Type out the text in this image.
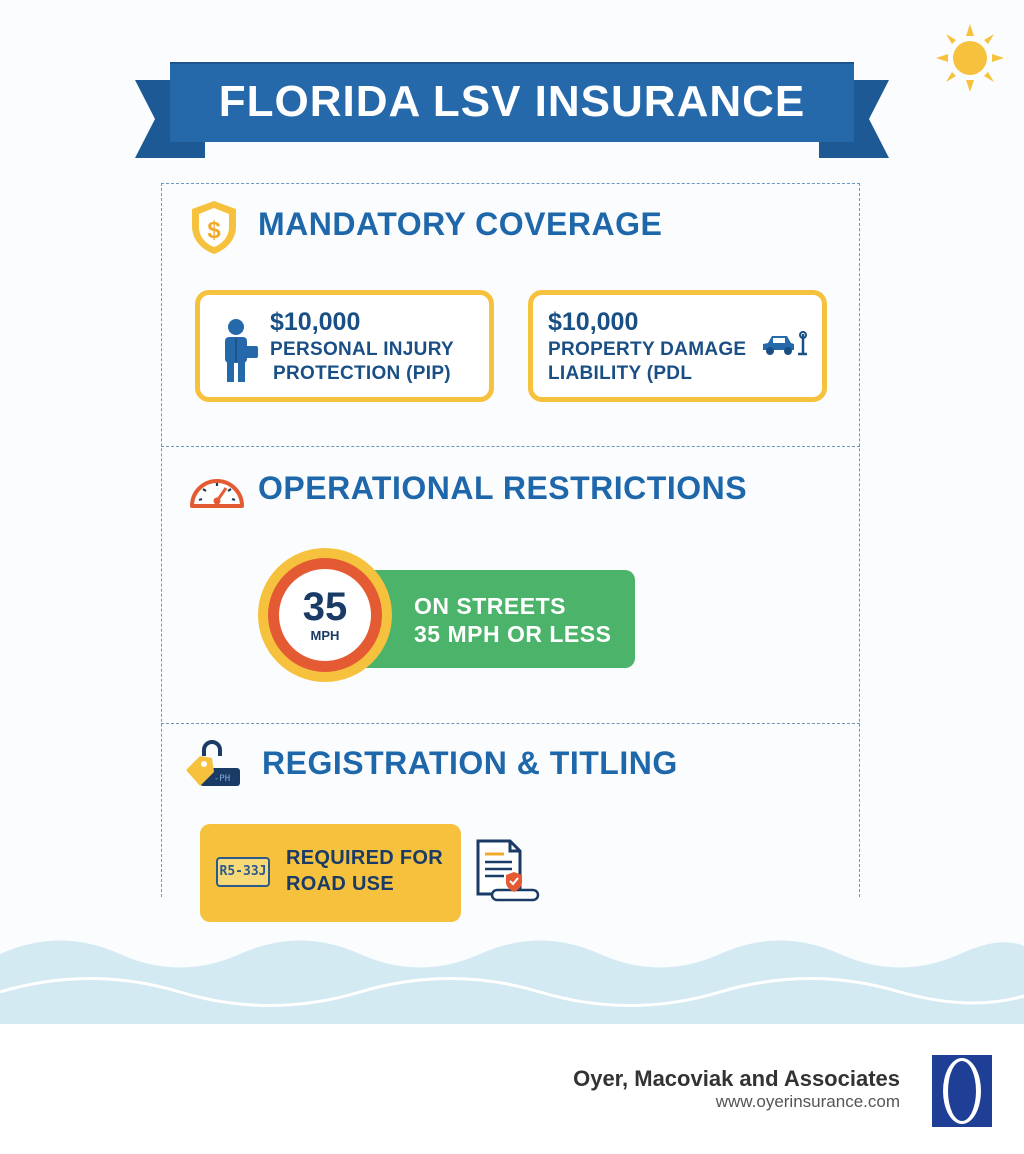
FLORIDA LSV INSURANCE
$ MANDATORY COVERAGE
$10,000
PERSONAL INJURY
PROTECTION (PIP)
$10,000
PROPERTY DAMAGE
LIABILITY (PDL
OPERATIONAL RESTRICTIONS
ON STREETS
35 MPH OR LESS
35
MPH
-PH REGISTRATION & TITLING
R5-33J
REQUIRED FOR
ROAD USE
Oyer, Macoviak and Associates
www.oyerinsurance.com
